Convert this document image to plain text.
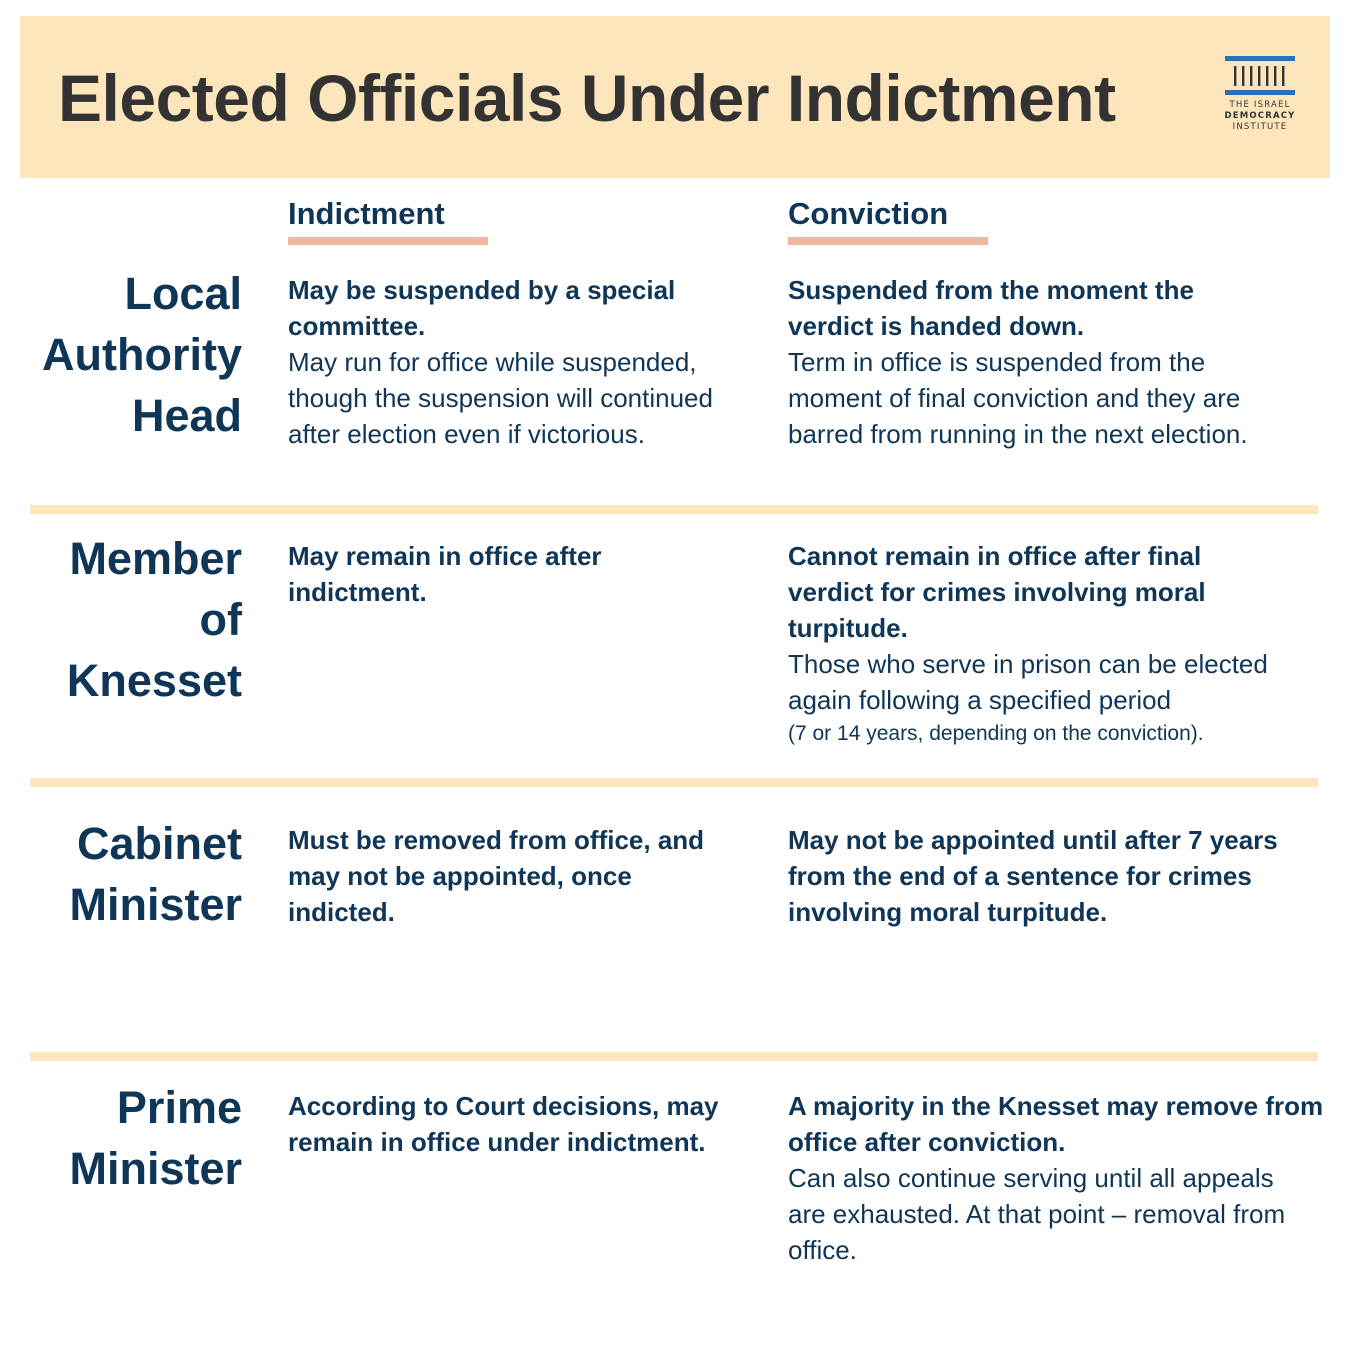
Elected Officials Under Indictment	THE ISRAEL
DEMOCRACY
INSTITUTE
Indictment	Conviction
Local
Authority
Head
May be suspended by a special committee.
May run for office while suspended, though the suspension will continued after election even if victorious.
Suspended from the moment the verdict is handed down.
Term in office is suspended from the moment of final conviction and they are barred from running in the next election.
Member
of
Knesset
May remain in office after indictment.
Cannot remain in office after final verdict for crimes involving moral turpitude.
Those who serve in prison can be elected again following a specified period
(7 or 14 years, depending on the conviction).
Cabinet
Minister
Must be removed from office, and may not be appointed, once indicted.
May not be appointed until after 7 years from the end of a sentence for crimes involving moral turpitude.
Prime
Minister
According to Court decisions, may remain in office under indictment.
A majority in the Knesset may remove from office after conviction.
Can also continue serving until all appeals are exhausted. At that point – removal from office.
